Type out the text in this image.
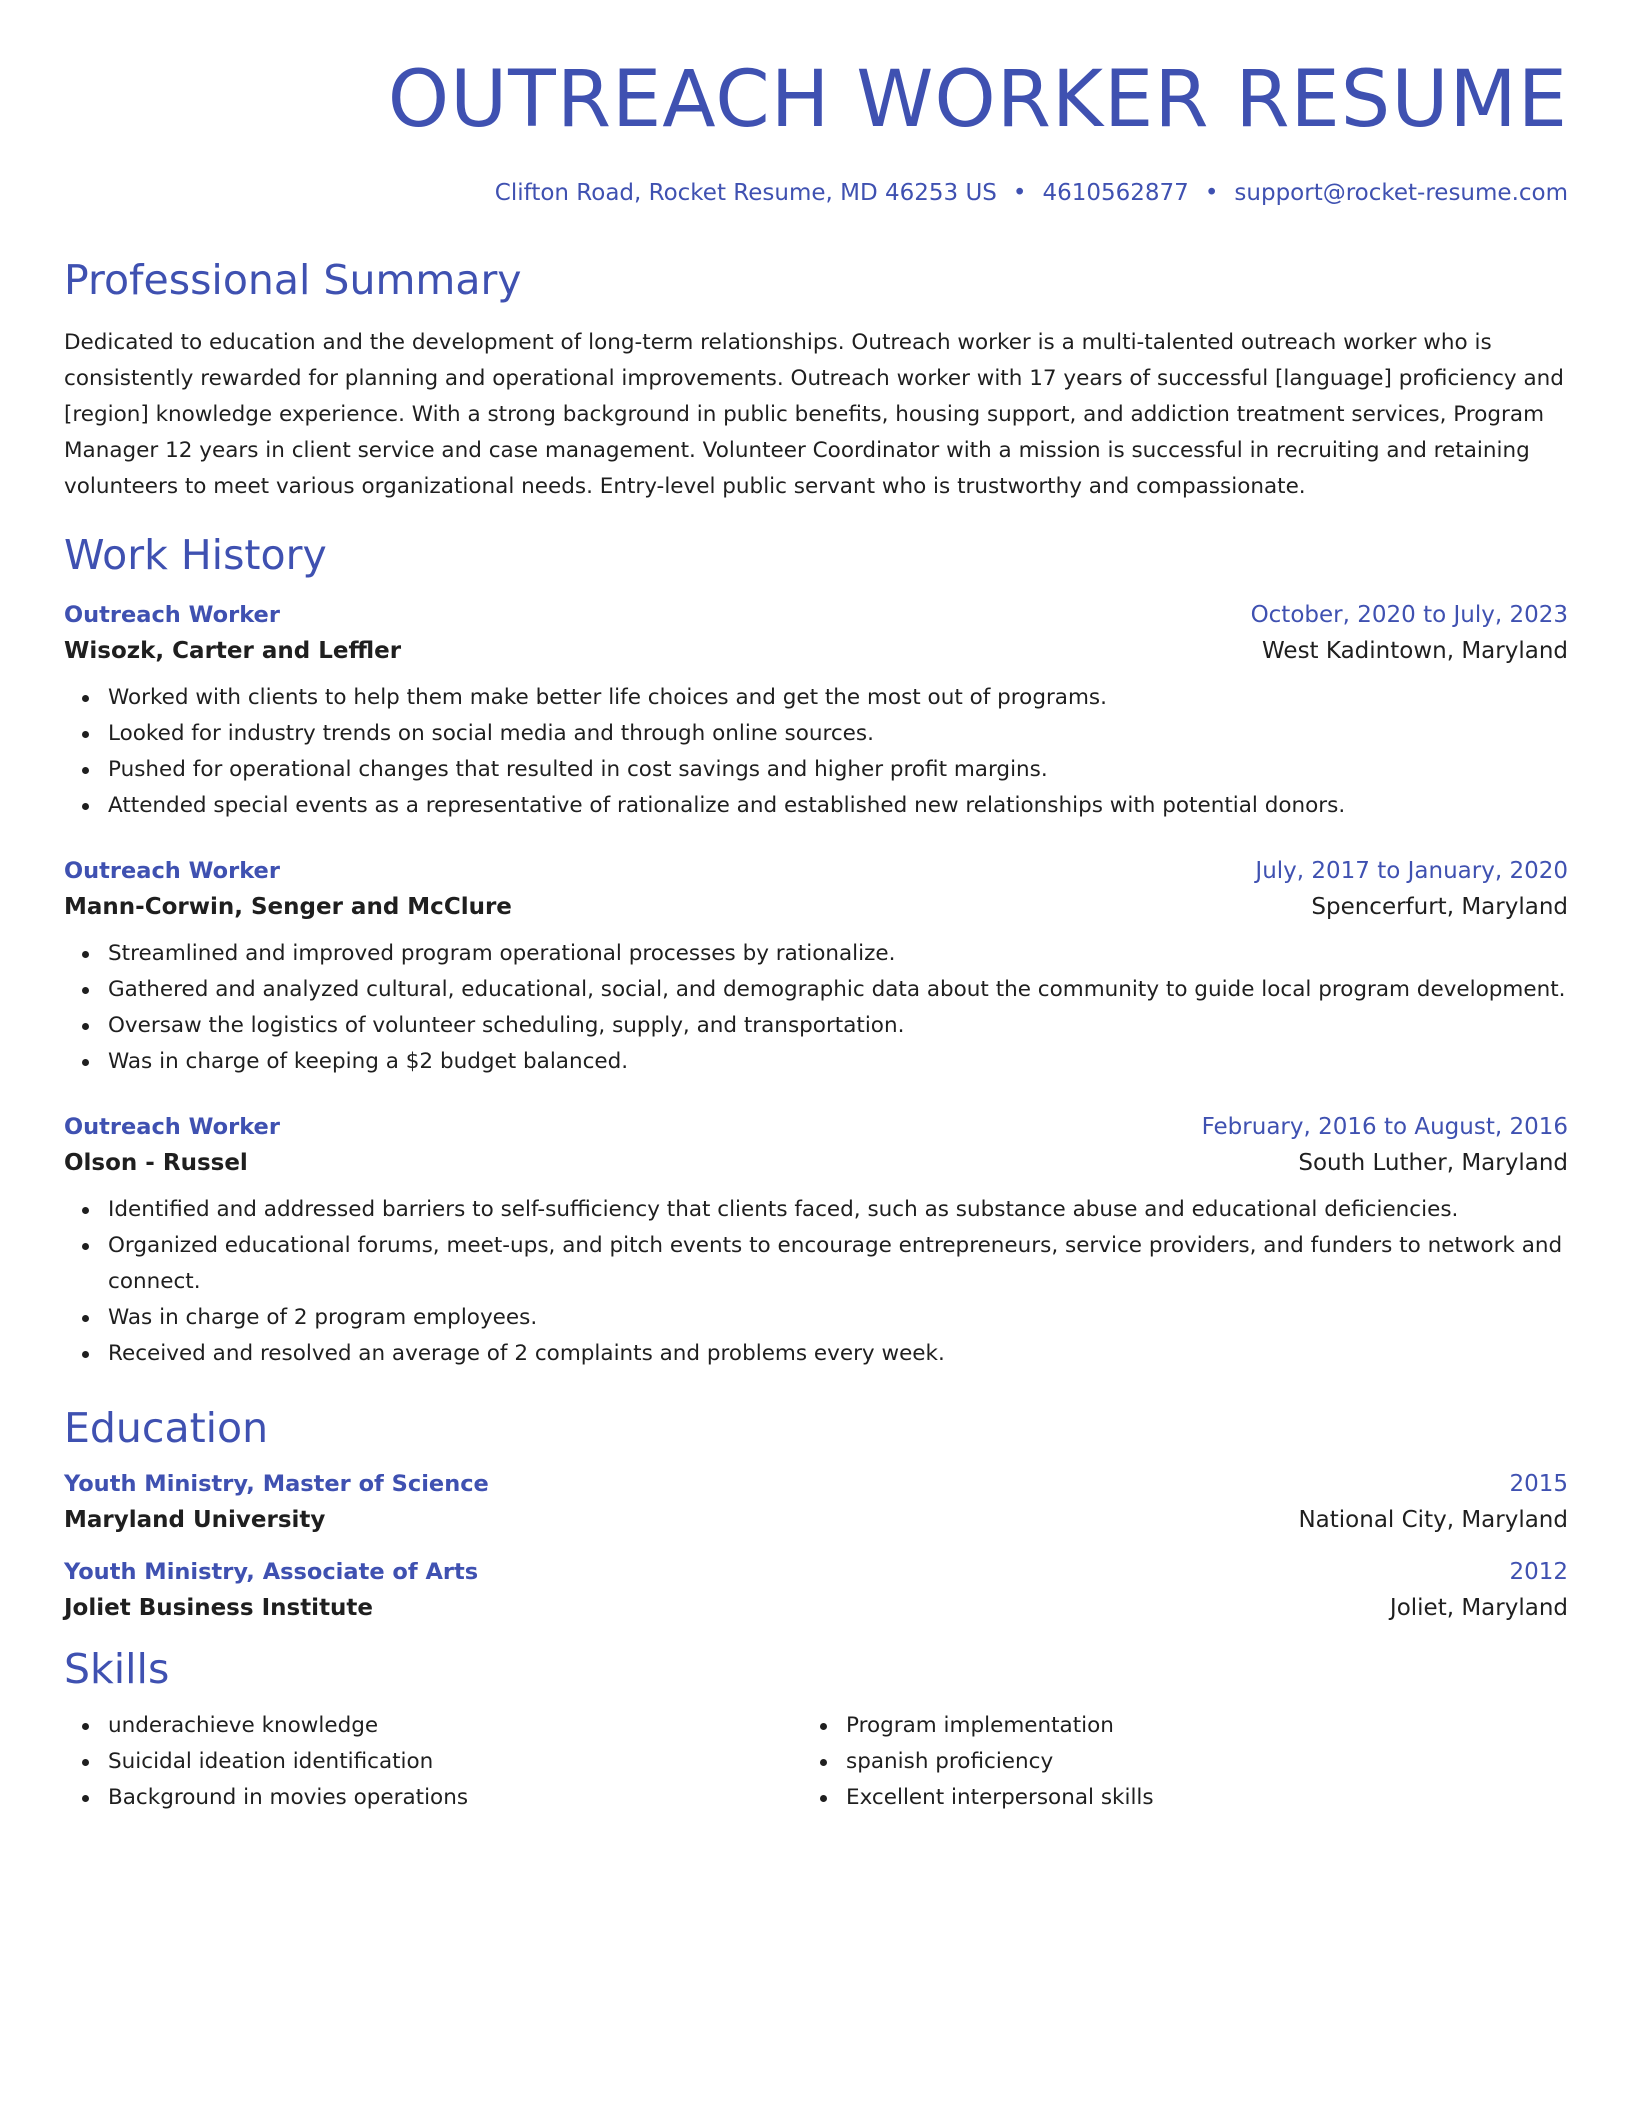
OUTREACH WORKER RESUME
Clifton Road, Rocket Resume, MD 46253 US • 4610562877 • support@rocket-resume.com
Professional Summary

Dedicated to education and the development of long-term relationships. Outreach worker is a multi-talented outreach worker who is consistently rewarded for planning and operational improvements. Outreach worker with 17 years of successful [language] proficiency and [region] knowledge experience. With a strong background in public benefits, housing support, and addiction treatment services, Program Manager 12 years in client service and case management. Volunteer Coordinator with a mission is successful in recruiting and retaining volunteers to meet various organizational needs. Entry-level public servant who is trustworthy and compassionate.

Work History
Outreach Worker	October, 2020 to July, 2023
Wisozk, Carter and Leffler	West Kadintown, Maryland
Worked with clients to help them make better life choices and get the most out of programs.
Looked for industry trends on social media and through online sources.
Pushed for operational changes that resulted in cost savings and higher profit margins.
Attended special events as a representative of rationalize and established new relationships with potential donors.
Outreach Worker	July, 2017 to January, 2020
Mann-Corwin, Senger and McClure	Spencerfurt, Maryland
Streamlined and improved program operational processes by rationalize.
Gathered and analyzed cultural, educational, social, and demographic data about the community to guide local program development.
Oversaw the logistics of volunteer scheduling, supply, and transportation.
Was in charge of keeping a $2 budget balanced.
Outreach Worker	February, 2016 to August, 2016
Olson - Russel	South Luther, Maryland
Identified and addressed barriers to self-sufficiency that clients faced, such as substance abuse and educational deficiencies.
Organized educational forums, meet-ups, and pitch events to encourage entrepreneurs, service providers, and funders to network and connect.
Was in charge of 2 program employees.
Received and resolved an average of 2 complaints and problems every week.
Education
Youth Ministry, Master of Science	2015
Maryland University	National City, Maryland
Youth Ministry, Associate of Arts	2012
Joliet Business Institute	Joliet, Maryland
Skills
underachieve knowledge
Suicidal ideation identification
Background in movies operations
Program implementation
spanish proficiency
Excellent interpersonal skills
